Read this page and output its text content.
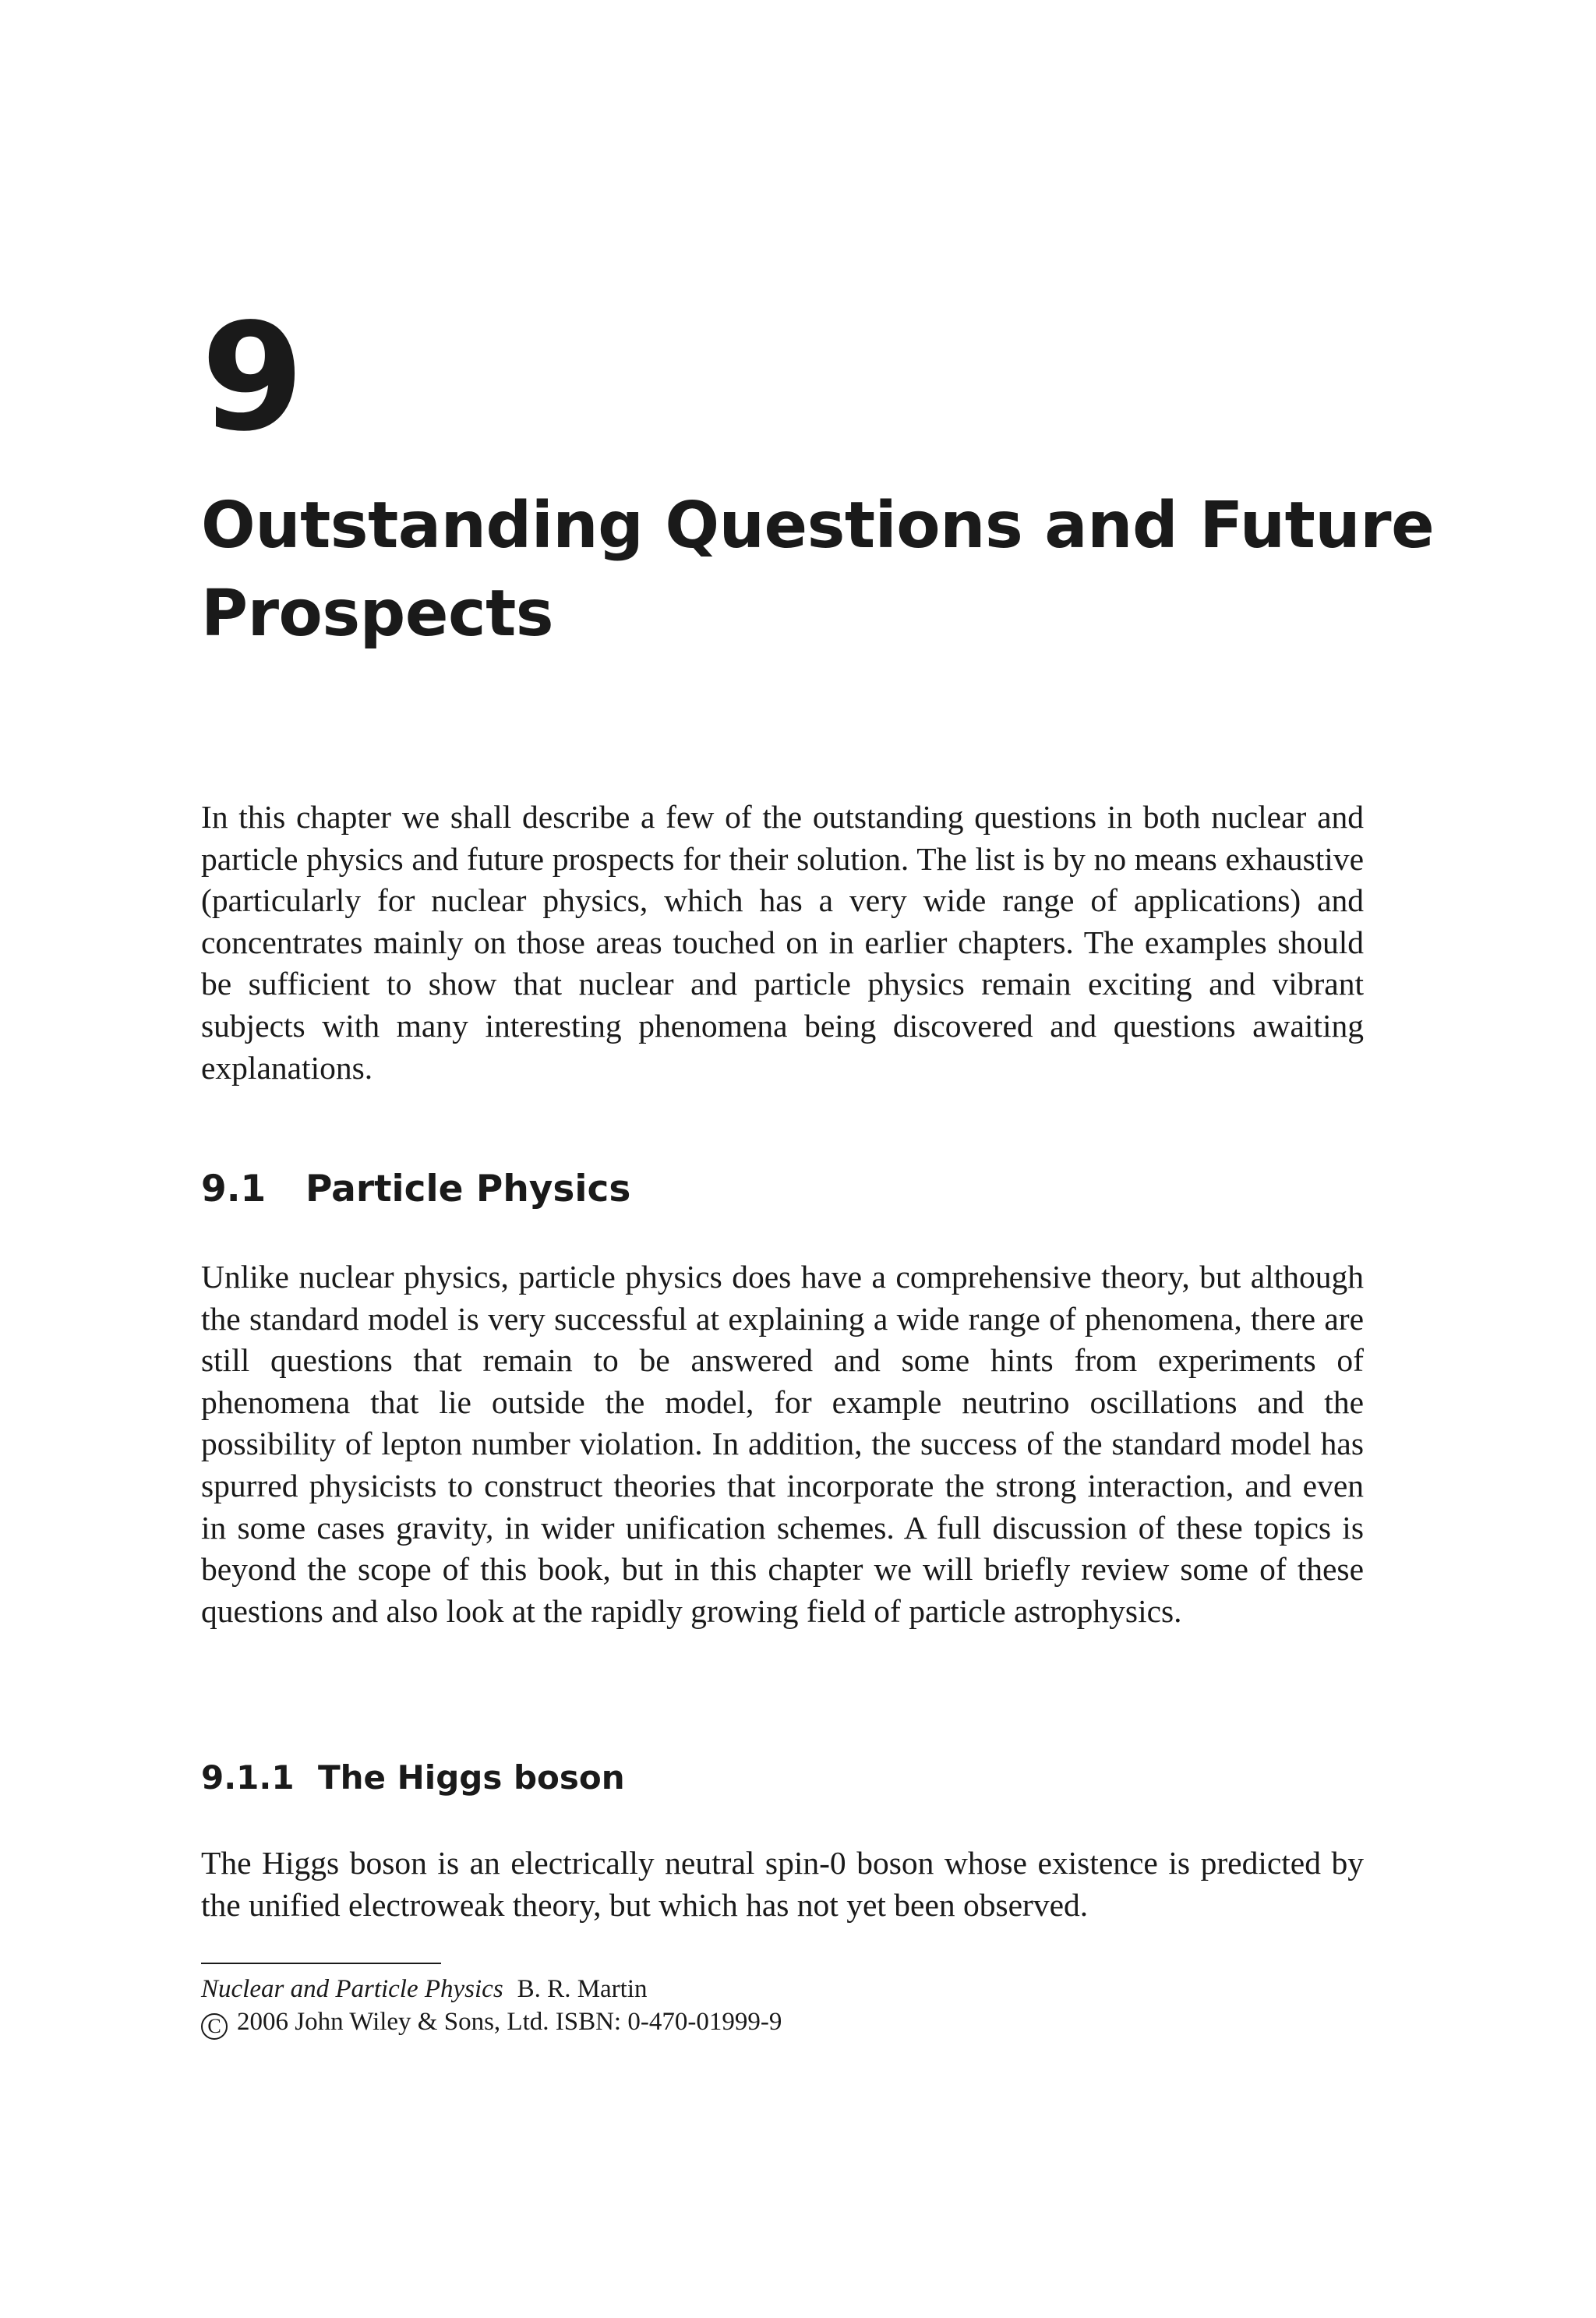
9
Outstanding Questions and Future Prospects

In this chapter we shall describe a few of the outstanding questions in both nuclear and particle physics and future prospects for their solution. The list is by no means exhaustive (particularly for nuclear physics, which has a very wide range of applications) and concentrates mainly on those areas touched on in earlier chapters. The examples should be sufficient to show that nuclear and particle physics remain exciting and vibrant subjects with many interesting phenomena being discovered and questions awaiting explanations.

9.1 Particle Physics

Unlike nuclear physics, particle physics does have a comprehensive theory, but although the standard model is very successful at explaining a wide range of phenomena, there are still questions that remain to be answered and some hints from experiments of phenomena that lie outside the model, for example neutrino oscillations and the possibility of lepton number violation. In addition, the success of the standard model has spurred physicists to construct theories that incorporate the strong interaction, and even in some cases gravity, in wider unification schemes. A full discussion of these topics is beyond the scope of this book, but in this chapter we will briefly review some of these questions and also look at the rapidly growing field of particle astrophysics.

9.1.1 The Higgs boson

The Higgs boson is an electrically neutral spin-0 boson whose existence is predicted by the unified electroweak theory, but which has not yet been observed.

Nuclear and Particle Physics B. R. Martin

C 2006 John Wiley & Sons, Ltd. ISBN: 0-470-01999-9
